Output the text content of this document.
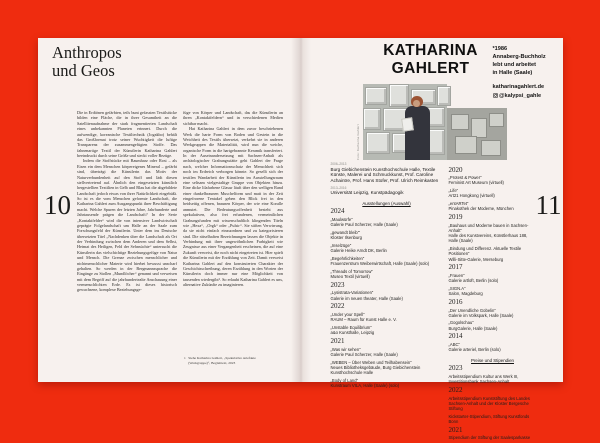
Anthropos
und Geos
10

Die in Erdtönen gefärbten, teils bunt gefassten Textilstücke bilden eine Fläche, die in ihrer Gesamtheit an die Satellitenaufnahme der stark fragmentierten Landschaft eines unbekannten Planeten erinnert. Durch die aufwendige, koreanische Textiltechnik (Jogakbo) behält das Großformat trotz seiner Wuchtigkeit die luftige Transparenz der zusammengefügten Stoffe. Das fahnenartige Textil der Künstlerin Katharina Gahlert beeindruckt durch seine Größe und steckt voller Bezüge.

Indem die Stoffstücke mit Baumharz oder Rost – als Eisen ein dem Menschen körpereigenes Mineral – gefärbt sind, überträgt die Künstlerin das Motiv der Naturverbundenheit auf den Stoff und lädt diesen stellvertretend auf. Ähnlich den eingesetzten künstlich hergestellten Textilien in Gelb und Blau hat die abgebildete Landschaft jedoch etwas von ihrer Natürlichkeit eingebüßt. So ist es die vom Menschen geformte Landschaft, die Katharina Gahlert zum Ausgangspunkt ihrer Beschäftigung macht. Welche Spuren der letzten Jahre, Jahrhunderte und Jahrtausende prägen die Landschaft? In der Serie „Kontaktfelder“ wird die von intensiver Landwirtschaft geprägte Folgelandschaft um Halle an der Saale zum Forschungsfeld der Künstlerin. Unter dem ins Deutsche übersetzten Titel „Nachdenken über die Landschaft als Ort der Verbindung zwischen dem Anderen und dem Selbst, Heimat des Heiligen, Feld der Sehnsüchte“ untersucht die Künstlerin das vielschichtige Beziehungsgefüge von Natur und Mensch. Die Grenze zwischen menschlicher und nichtmenschlicher Materie wird hierbei bewusst unscharf gehalten. So werden in der Bergmannssprache die Eingänge zu Stollen „Mundlöcher“ genannt und verweisen mit dem Begriff auf die jahrhundertealte Anschauung einer vermenschlichten Erde. Es ist dieses historisch gewachsene, komplexe Beziehungsge-

füge von Körper und Landschaft, das die Künstlerin an ihren „Kontaktfeldern“ und in verschiedenen Medien sichtbar macht.

Hat Katharina Gahlert in dem zuvor beschriebenen Werk die harte Form von Boden und Gestein in die Weichheit des Textils übersetzt, verkehrt sie in anderen Werkgruppen die Materialität, wird nun die weiche, organische Form in die hartgebrannte Keramik transferiert. In der Auseinandersetzung mit Sachsen-Anhalt als archäologischer Grabungsstätte geht Gahlert der Frage nach, welcher Informationsschatz der Menschheit sich noch im Erdreich verborgen könnte. So gesellt sich der textilen Wandarbeit der Künstlerin im Ausstellungsraum eine seltsam vielgestaltige Gruppe von Objekten hinzu. Eine dicke lilafarbene Glasur läuft über den welligen Rand einer dunkelbraunen Muschelform und matt in der Zeit eingefrorene Tentakel geben den Blick frei in den beidseitig offenen, braunen Körper, der wie eine Koralle anmutet. Die Bedeutungsoffenheit besteht aus spekulativen, also frei erfundenen, vermeintlichen Grabungsfunden mit wissenschaftlich klingenden Titeln wie „Hexa“, „Orgk“ oder „Pulsir“. Sie stiften Verwirrung, da sie nicht einfach einzuordnen und zu kategorisieren sind. Die rätselhaften Bezeichnungen lassen die Objekte in Verbindung mit ihrer ungewöhnlichen Farbigkeit wie Zeugnisse aus einer Vergangenheit erscheinen, die auf eine Zukunft verweist, die noch nicht eingetreten ist. Hier spielt die Künstlerin mit der Erzählung von Zeit. Damit verweist Katharina Gahlert auf den konstruierten Charakter der Geschichtsschreibung, deren Erzählung in den Worten der Künstlerin doch immer nur eine Möglichkeit von tausenden wiedergibt¹. So erlaubt Katharina Gahlert es uns, alternative Zukünfte zu imaginieren.

1 Siehe Katharina Gahlert, „Spekulative Artefakte (Werkgruppe)“, Begleittext, 2023
KATHARINA
GAHLERT
*1986
Annaberg-Buchholz
lebt und arbeitet
in Halle (Saale)
katharinagahlert.de
@kalypsi_gahle
Foto: Katharina Gahlert
2006–2013
Burg Giebichenstein Kunsthochschule Halle, Textile Künste, Malerei und Schmuckkunst, Prof. Caroline Achaintre, Prof. Hans Stofer, Prof. Ulrich Reimkasten
2013–2016
Universität Leipzig, Kunstpädagogik
Ausstellungen (Auswahl)
2024
„Maulwürfe“
Galerie Paul Scherzer, Halle (Saale)
„gewandt bleib’“
Kloster Ilsenburg
„Inselzüge“
Galerie Heike Arndt DK, Berlin
„Begehrlichkeiten“
Frauenzentrum Weiberwirtschaft, Halle (Saale) (solo)
„Threads of Tomorrow“
Museo Textil (virtuell)
2023
„Lysistrata-Variationen“
Galerie im neuen theater, Halle (Saale)
2022
„Under your Spell“
RAUM – Raum für Kunst Halle e. V.
„Unstable Equilibrium“
a&o Kunsthalle, Leipzig
2021
„Was wir sehen“
Galerie Paul Scherzer, Halle (Saale)
„WEBEN – Über Weben und Teilhabensein“
Neues Bibliotheksgebäude, Burg Giebichenstein Kunsthochschule Halle
„Body of Land“
Kunstraum VILA, Halle (Saale) (solo)
2020
„Protest & Power“
Feminist Art Museum (virtuell)
„Life“
Art21 Hongkong (virtuell)
„entARTet“
Pinakothek der Moderne, München
2019
„Bauhaus und Moderne bauen in Sachsen-Anhalt“
Halle des Kunstvereins, Künstlerhaus 188, Halle (Saale)
„Bindung und Differenz. Aktuelle Textile Positionen“
Willi-Sitte-Galerie, Merseburg
2017
„Frauen“
Galerie artloft, Berlin (solo)
„SIGN.A“
Salon, Magdeburg
2016
„Der Unendliche Gobelin“
Galerie im Volkspark, Halle (Saale)
„Gogolschau“
BurgGalerie, Halle (Saale)
2014
„ABC“
Galerie arteriel, Berlin (solo)
Preise und Stipendien
2023
Arbeitsstipendium Kultur ans Werk III, Investitionsbank Sachsen-Anhalt
2022
Arbeitsstipendium Kunststiftung des Landes Sachsen-Anhalt und der Kloster Bergesche Stiftung
Kickstarter-Stipendium, Stiftung Kunstfonds Bonn
2021
Stipendium der Stiftung der Saalesparkasse
11
